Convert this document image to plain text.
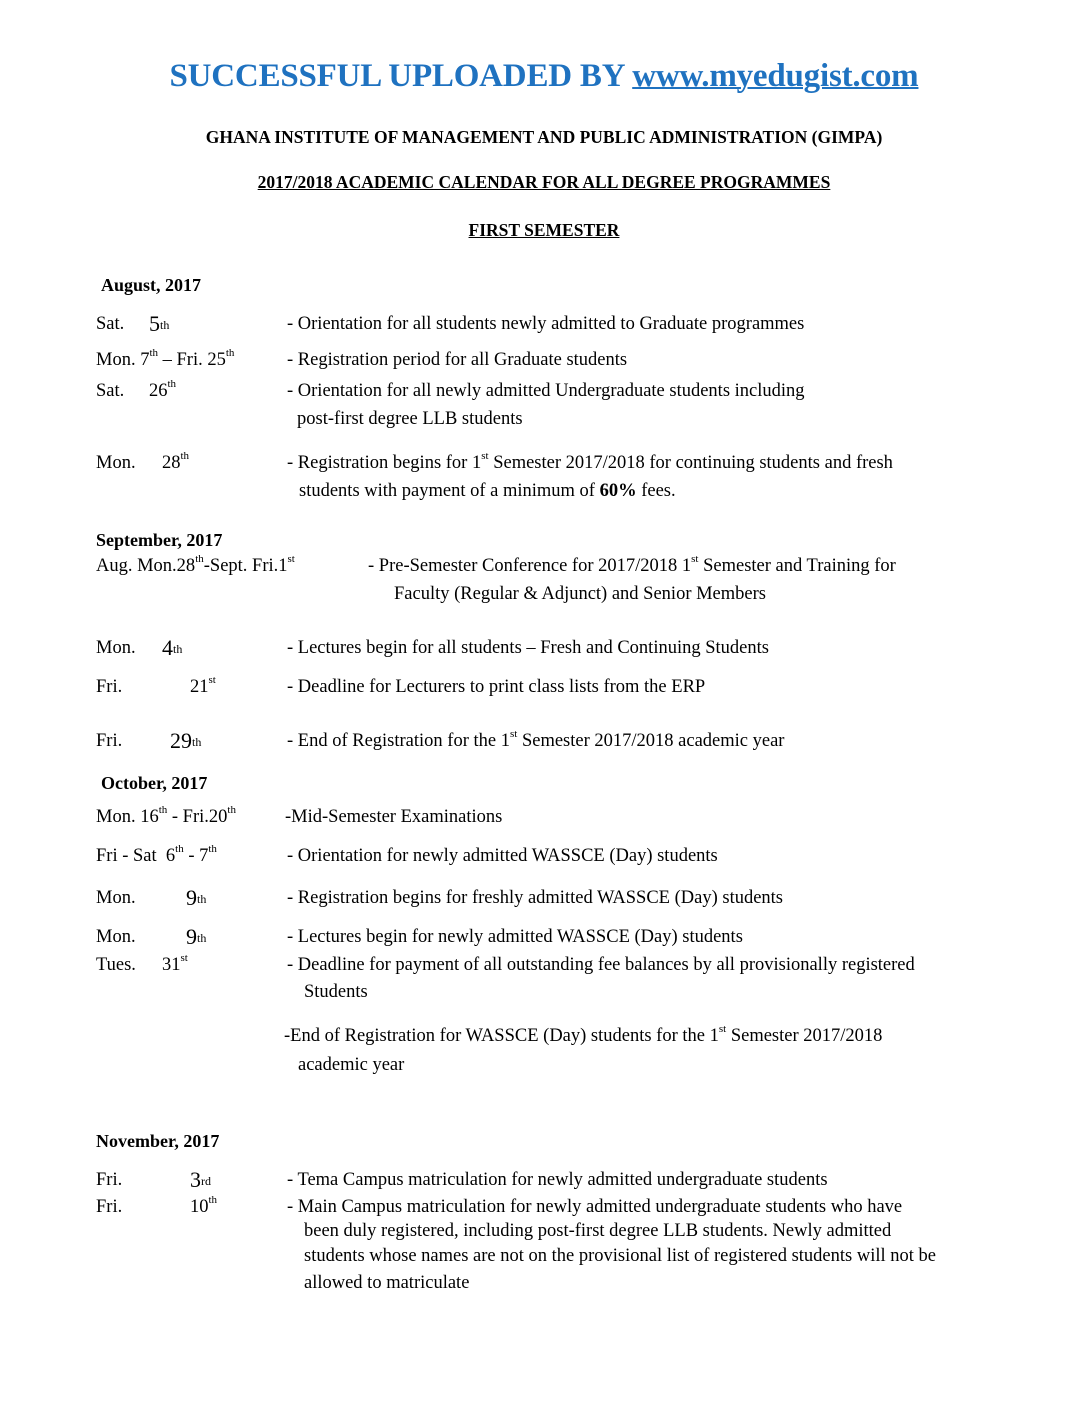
SUCCESSFUL UPLOADED BY www.myedugist.com
GHANA INSTITUTE OF MANAGEMENT AND PUBLIC ADMINISTRATION (GIMPA)
2017/2018 ACADEMIC CALENDAR FOR ALL DEGREE PROGRAMMES
FIRST SEMESTER
August, 2017
Sat. 5th	- Orientation for all students newly admitted to Graduate programmes
Mon. 7th – Fri. 25th	- Registration period for all Graduate students
Sat. 26th	- Orientation for all newly admitted Undergraduate students including
post-first degree LLB students
Mon. 28th	- Registration begins for 1st Semester 2017/2018 for continuing students and fresh
students with payment of a minimum of 60% fees.
September, 2017
Aug. Mon.28th-Sept. Fri.1st	- Pre-Semester Conference for 2017/2018 1st Semester and Training for
Faculty (Regular & Adjunct) and Senior Members
Mon. 4th	- Lectures begin for all students – Fresh and Continuing Students
Fri.	21st	- Deadline for Lecturers to print class lists from the ERP
Fri. 29th	- End of Registration for the 1st Semester 2017/2018 academic year
October, 2017
Mon. 16th - Fri.20th	-Mid-Semester Examinations
Fri - Sat  6th - 7th	- Orientation for newly admitted WASSCE (Day) students
Mon. 9th	- Registration begins for freshly admitted WASSCE (Day) students
Mon. 9th	- Lectures begin for newly admitted WASSCE (Day) students
Tues. 31st	- Deadline for payment of all outstanding fee balances by all provisionally registered
Students
-End of Registration for WASSCE (Day) students for the 1st Semester 2017/2018
academic year
November, 2017
Fri.	3rd	- Tema Campus matriculation for newly admitted undergraduate students
Fri.	10th	- Main Campus matriculation for newly admitted undergraduate students who have
been duly registered, including post-first degree LLB students. Newly admitted
students whose names are not on the provisional list of registered students will not be
allowed to matriculate
